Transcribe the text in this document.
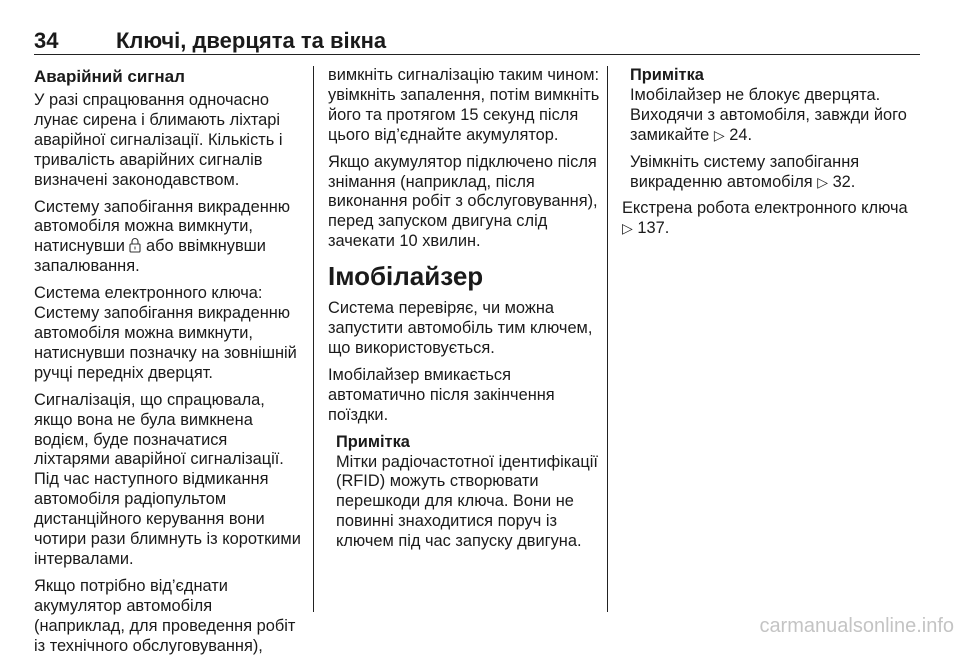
34	Ключі, дверцята та вікна
Аварійний сигнал

У разі спрацювання одночасно лунає сирена і блимають ліхтарі аварійної сигналізації. Кількість і тривалість аварійних сигналів визначені законодавством.

Систему запобігання викраденню автомобіля можна вимкнути, натиснувши  або ввімкнувши запалювання.

Система електронного ключа: Систему запобігання викраденню автомобіля можна вимкнути, натиснувши позначку на зовнішній ручці передніх дверцят.

Сигналізація, що спрацювала, якщо вона не була вимкнена водієм, буде позначатися ліхтарями аварійної сигналізації. Під час наступного відмикання автомобіля радіопультом дистанційного керування вони чотири рази блимнуть із короткими інтервалами.

Якщо потрібно від’єднати акумулятор автомобіля (наприклад, для проведення робіт із технічного обслуговування),

вимкніть сигналізацію таким чином: увімкніть запалення, потім вимкніть його та протягом 15 секунд після цього від’єднайте акумулятор.

Якщо акумулятор підключено після знімання (наприклад, після виконання робіт з обслуговування), перед запуском двигуна слід зачекати 10 хвилин.

Імобілайзер

Система перевіряє, чи можна запустити автомобіль тим ключем, що використовується.

Імобілайзер вмикається автоматично після закінчення поїздки.

Примітка

Мітки радіочастотної ідентифікації (RFID) можуть створювати перешкоди для ключа. Вони не повинні знаходитися поруч із ключем під час запуску двигуна.

Примітка

Імобілайзер не блокує дверцята. Виходячи з автомобіля, завжди його замикайте ▷ 24.

Увімкніть систему запобігання викраденню автомобіля ▷ 32.

Екстрена робота електронного ключа ▷ 137.

carmanualsonline.info
